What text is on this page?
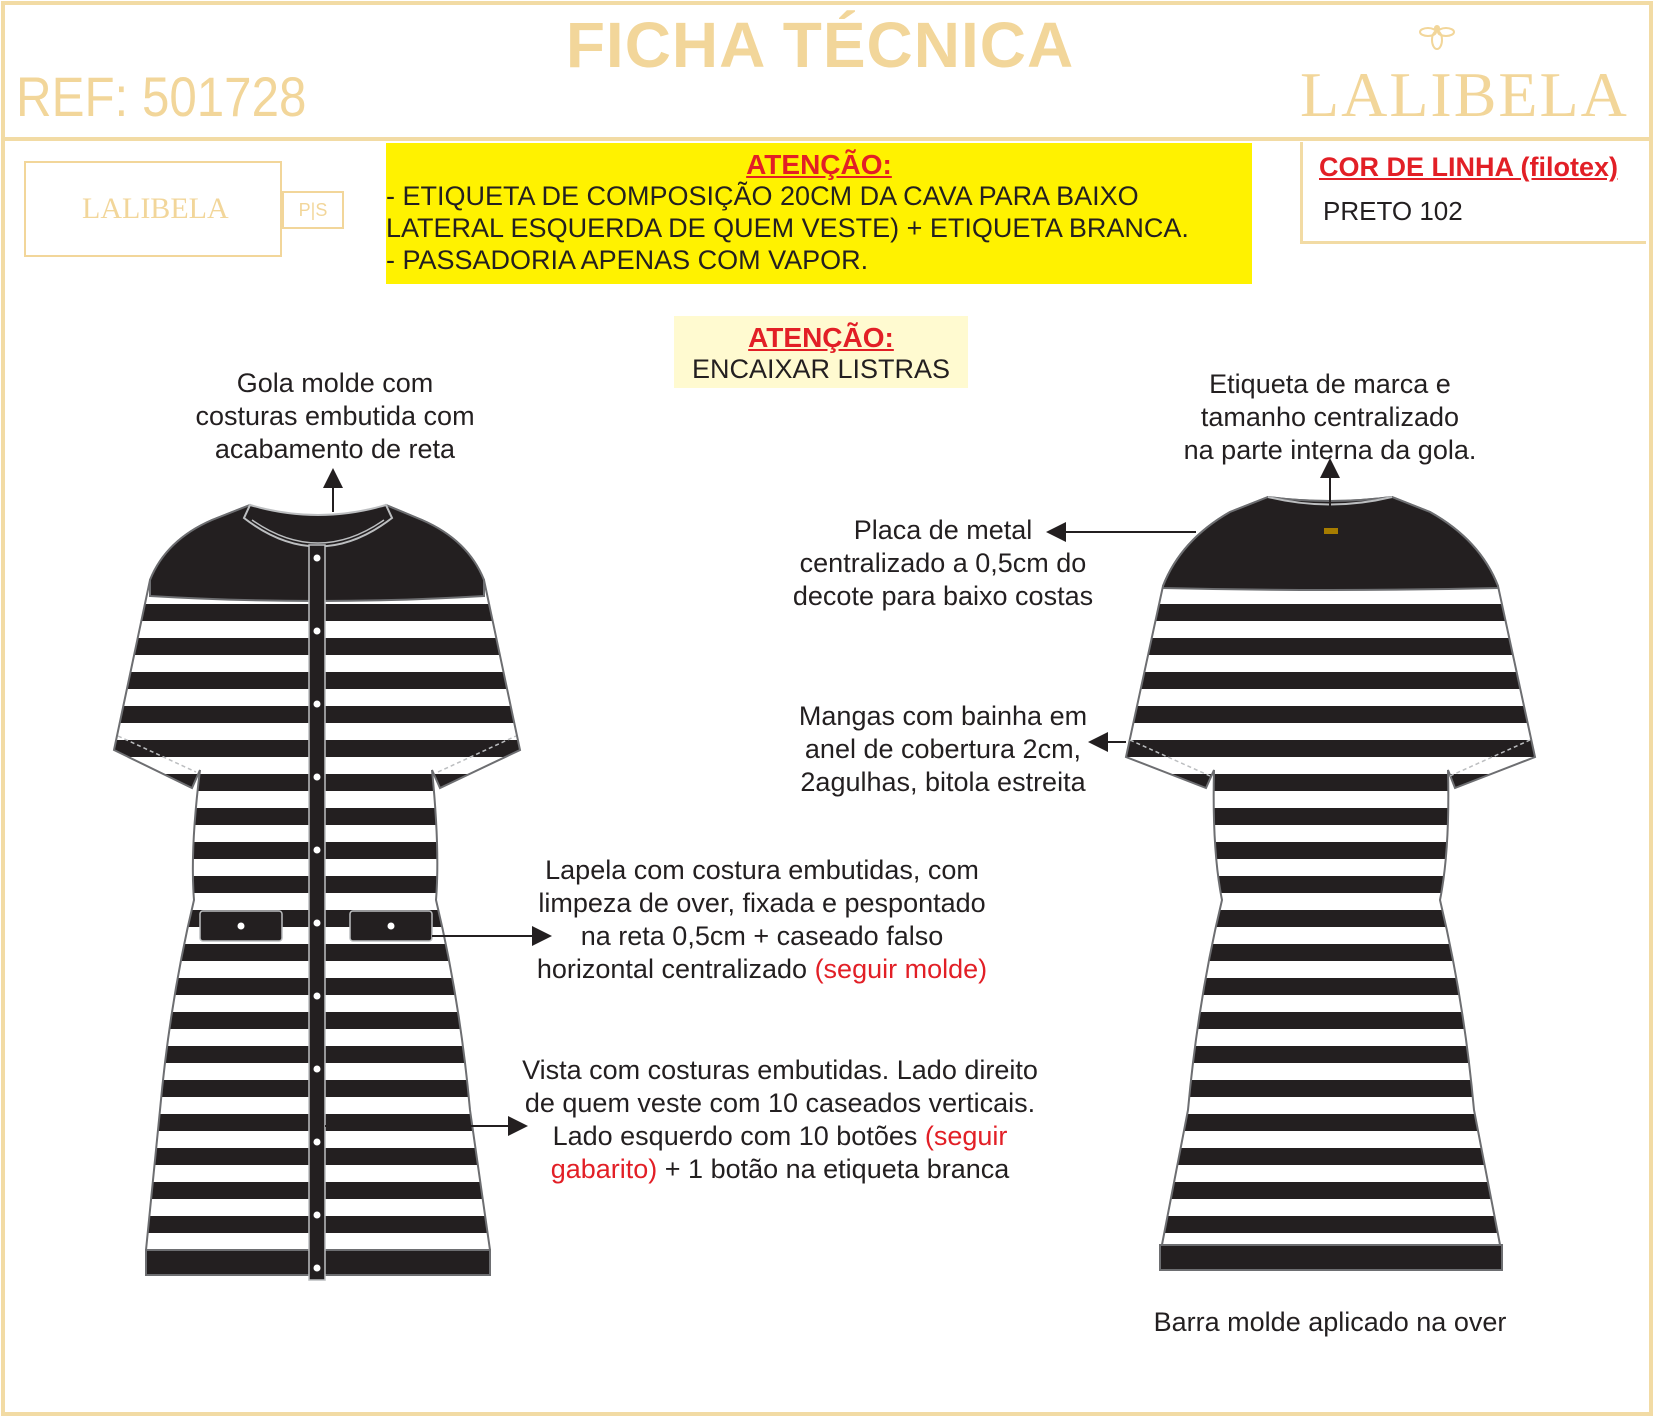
FICHA TÉCNICA
REF: 501728	LALIBELA
LALIBELA	P|S
ATENÇÃO:
- ETIQUETA DE COMPOSIÇÃO 20CM DA CAVA PARA BAIXO
LATERAL ESQUERDA DE QUEM VESTE) + ETIQUETA BRANCA.
- PASSADORIA APENAS COM VAPOR.
COR DE LINHA (filotex)
PRETO 102
ATENÇÃO:
ENCAIXAR LISTRAS
Gola molde com
costuras embutida com
acabamento de reta
Etiqueta de marca e
tamanho centralizado
na parte interna da gola.
Placa de metal
centralizado a 0,5cm do
decote para baixo costas
Mangas com bainha em
anel de cobertura 2cm,
2agulhas, bitola estreita
Lapela com costura embutidas, com
limpeza de over, fixada e pespontado
na reta 0,5cm + caseado falso
horizontal centralizado (seguir molde)
Vista com costuras embutidas. Lado direito
de quem veste com 10 caseados verticais.
Lado esquerdo com 10 botões (seguir
gabarito) + 1 botão na etiqueta branca
Barra molde aplicado na over
